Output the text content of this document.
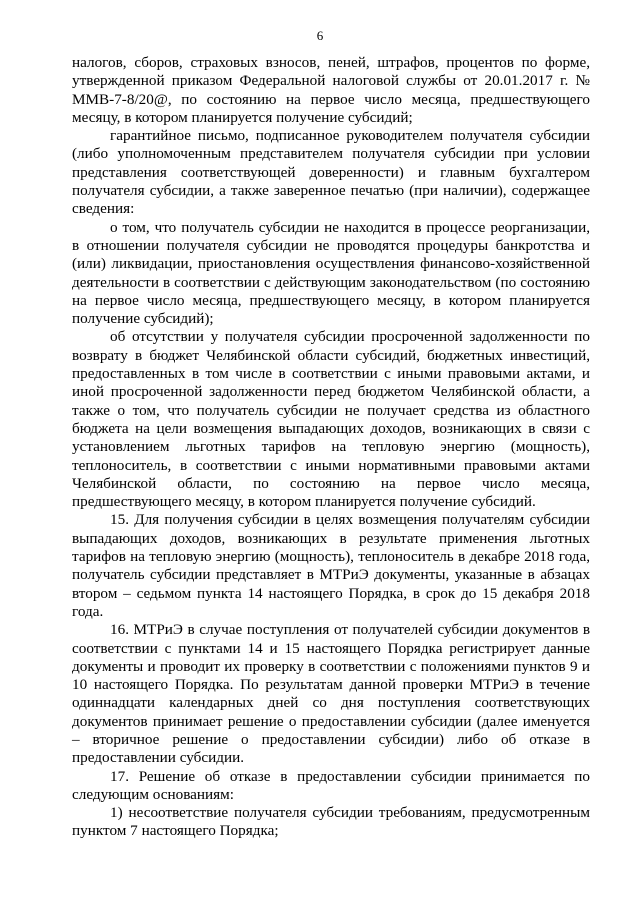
6

налогов, сборов, страховых взносов, пеней, штрафов, процентов по форме, утвержденной приказом Федеральной налоговой службы от 20.01.2017 г. № ММВ-7-8/20@, по состоянию на первое число месяца, предшествующего месяцу, в котором планируется получение субсидий;

гарантийное письмо, подписанное руководителем получателя субсидии (либо уполномоченным представителем получателя субсидии при условии представления соответствующей доверенности) и главным бухгалтером получателя субсидии, а также заверенное печатью (при наличии), содержащее сведения:

о том, что получатель субсидии не находится в процессе реорганизации, в отношении получателя субсидии не проводятся процедуры банкротства и (или) ликвидации, приостановления осуществления финансово-хозяйственной деятельности в соответствии с действующим законодательством (по состоянию на первое число месяца, предшествующего месяцу, в котором планируется получение субсидий);

об отсутствии у получателя субсидии просроченной задолженности по возврату в бюджет Челябинской области субсидий, бюджетных инвестиций, предоставленных в том числе в соответствии с иными правовыми актами, и иной просроченной задолженности перед бюджетом Челябинской области, а также о том, что получатель субсидии не получает средства из областного бюджета на цели возмещения выпадающих доходов, возникающих в связи с установлением льготных тарифов на тепловую энергию (мощность), теплоноситель, в соответствии с иными нормативными правовыми актами Челябинской области, по состоянию на первое число месяца, предшествующего месяцу, в котором планируется получение субсидий.

15. Для получения субсидии в целях возмещения получателям субсидии выпадающих доходов, возникающих в результате применения льготных тарифов на тепловую энергию (мощность), теплоноситель в декабре 2018 года, получатель субсидии представляет в МТРиЭ документы, указанные в абзацах втором – седьмом пункта 14 настоящего Порядка, в срок до 15 декабря 2018 года.

16. МТРиЭ в случае поступления от получателей субсидии документов в соответствии с пунктами 14 и 15 настоящего Порядка регистрирует данные документы и проводит их проверку в соответствии с положениями пунктов 9 и 10 настоящего Порядка. По результатам данной проверки МТРиЭ в течение одиннадцати календарных дней со дня поступления соответствующих документов принимает решение о предоставлении субсидии (далее именуется – вторичное решение о предоставлении субсидии) либо об отказе в предоставлении субсидии.

17. Решение об отказе в предоставлении субсидии принимается по следующим основаниям:

1) несоответствие получателя субсидии требованиям, предусмотренным пунктом 7 настоящего Порядка;
